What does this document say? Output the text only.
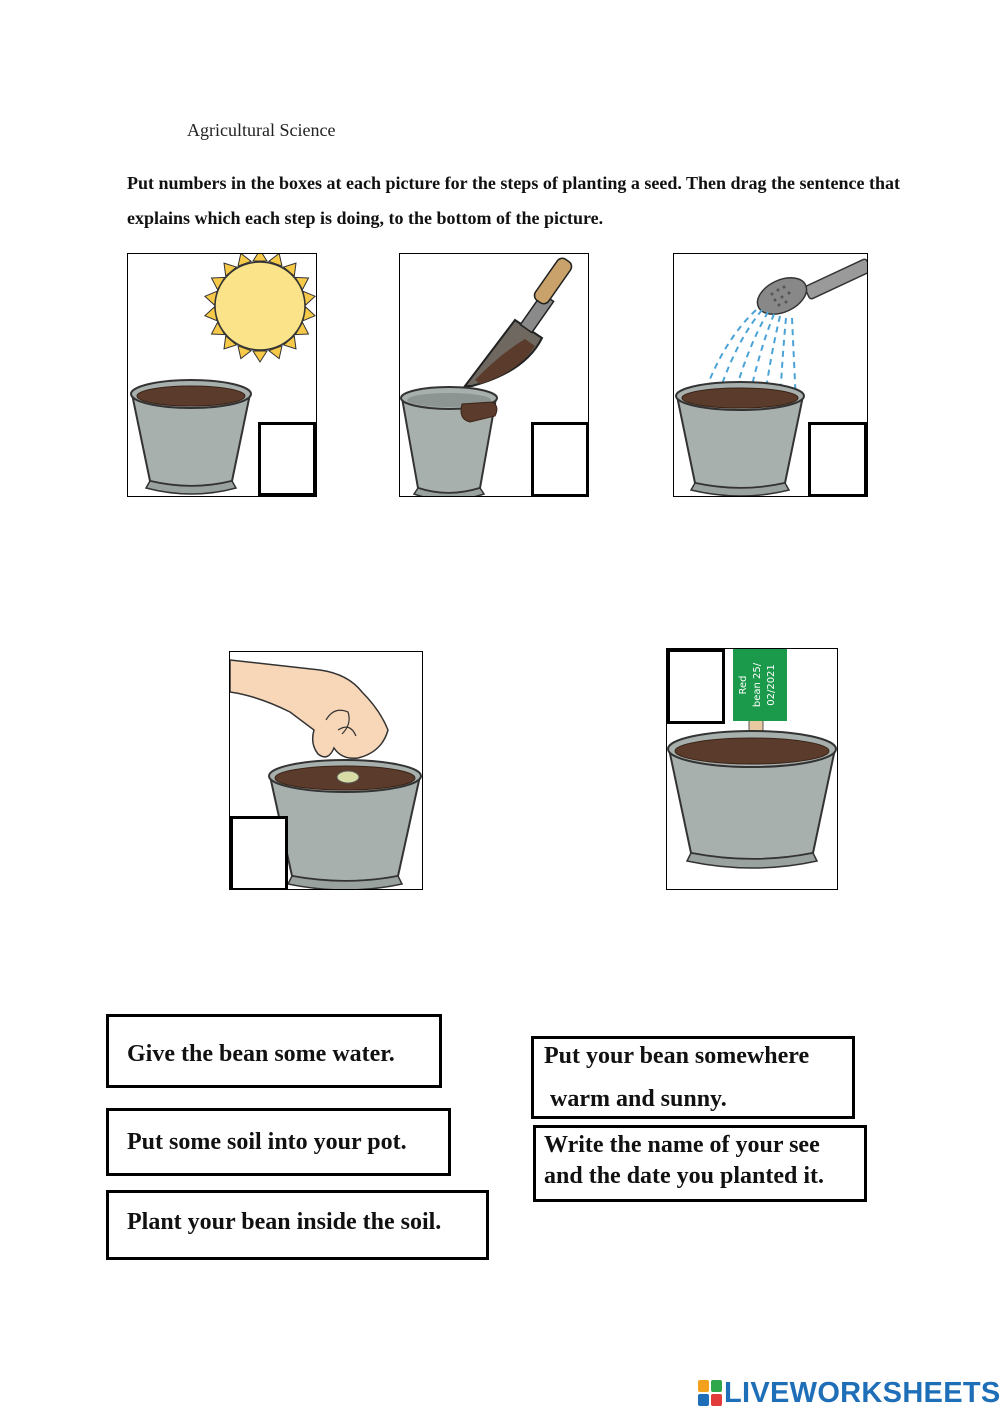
Agricultural Science
Put numbers in the boxes at each picture for the steps of planting a seed. Then drag the sentence that explains which each step is doing, to the bottom of the picture.
Red bean 25/ 02/2021
Give the bean some water.	Put your bean somewhere
warm and sunny.
Put some soil into your pot.	Write the name of your see
and the date you planted it.
Plant your bean inside the soil.
LIVEWORKSHEETS
